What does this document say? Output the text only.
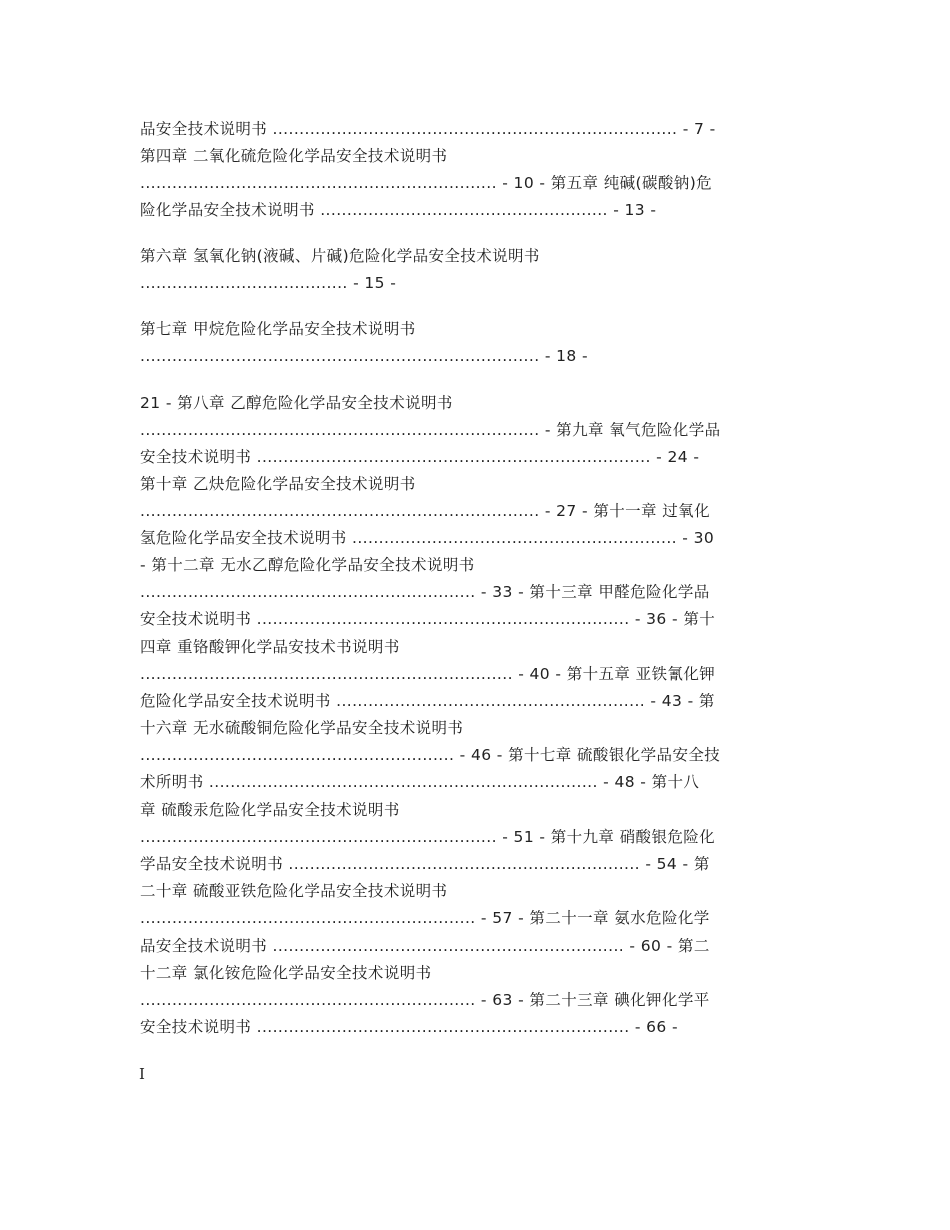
品安全技术说明书 ............................................................................ - 7 -
第四章 二氧化硫危险化学品安全技术说明书
................................................................... - 10 - 第五章 纯碱(碳酸钠)危
险化学品安全技术说明书 ...................................................... - 13 -
第六章 氢氧化钠(液碱、片碱)危险化学品安全技术说明书
....................................... - 15 -
第七章 甲烷危险化学品安全技术说明书
........................................................................... - 18 -
21 - 第八章 乙醇危险化学品安全技术说明书
........................................................................... - 第九章 氧气危险化学品
安全技术说明书 .......................................................................... - 24 -
第十章 乙炔危险化学品安全技术说明书
........................................................................... - 27 - 第十一章 过氧化
氢危险化学品安全技术说明书 ............................................................. - 30
- 第十二章 无水乙醇危险化学品安全技术说明书
............................................................... - 33 - 第十三章 甲醛危险化学品
安全技术说明书 ...................................................................... - 36 - 第十
四章 重铬酸钾化学品安技术书说明书
...................................................................... - 40 - 第十五章 亚铁氰化钾
危险化学品安全技术说明书 .......................................................... - 43 - 第
十六章 无水硫酸铜危险化学品安全技术说明书
........................................................... - 46 - 第十七章 硫酸银化学品安全技
术所明书 ......................................................................... - 48 - 第十八
章 硫酸汞危险化学品安全技术说明书
................................................................... - 51 - 第十九章 硝酸银危险化
学品安全技术说明书 .................................................................. - 54 - 第
二十章 硫酸亚铁危险化学品安全技术说明书
............................................................... - 57 - 第二十一章 氨水危险化学
品安全技术说明书 .................................................................. - 60 - 第二
十二章 氯化铵危险化学品安全技术说明书
............................................................... - 63 - 第二十三章 碘化钾化学平
安全技术说明书 ...................................................................... - 66 -
I
